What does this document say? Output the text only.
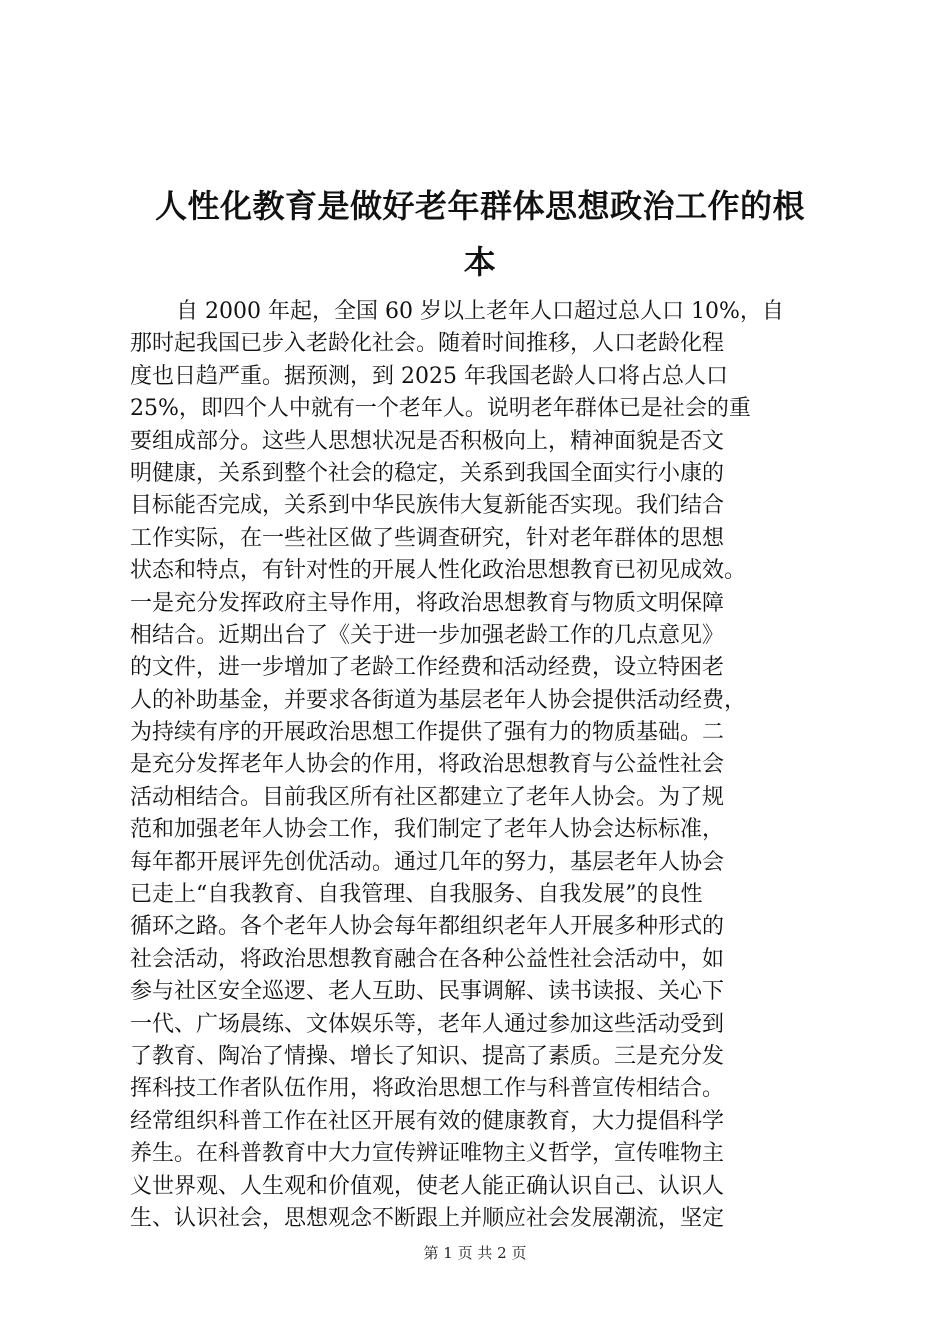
人性化教育是做好老年群体思想政治工作的根
本
自 2000 年起，全国 60 岁以上老年人口超过总人口 10%，自
那时起我国已步入老龄化社会。随着时间推移，人口老龄化程
度也日趋严重。据预测，到 2025 年我国老龄人口将占总人口
25%，即四个人中就有一个老年人。说明老年群体已是社会的重
要组成部分。这些人思想状况是否积极向上，精神面貌是否文
明健康，关系到整个社会的稳定，关系到我国全面实行小康的
目标能否完成，关系到中华民族伟大复新能否实现。我们结合
工作实际，在一些社区做了些调查研究，针对老年群体的思想
状态和特点，有针对性的开展人性化政治思想教育已初见成效。
一是充分发挥政府主导作用，将政治思想教育与物质文明保障
相结合。近期出台了《关于进一步加强老龄工作的几点意见》
的文件，进一步增加了老龄工作经费和活动经费，设立特困老
人的补助基金，并要求各街道为基层老年人协会提供活动经费，
为持续有序的开展政治思想工作提供了强有力的物质基础。二
是充分发挥老年人协会的作用，将政治思想教育与公益性社会
活动相结合。目前我区所有社区都建立了老年人协会。为了规
范和加强老年人协会工作，我们制定了老年人协会达标标准，
每年都开展评先创优活动。通过几年的努力，基层老年人协会
已走上“自我教育、自我管理、自我服务、自我发展”的良性
循环之路。各个老年人协会每年都组织老年人开展多种形式的
社会活动，将政治思想教育融合在各种公益性社会活动中，如
参与社区安全巡逻、老人互助、民事调解、读书读报、关心下
一代、广场晨练、文体娱乐等，老年人通过参加这些活动受到
了教育、陶冶了情操、增长了知识、提高了素质。三是充分发
挥科技工作者队伍作用，将政治思想工作与科普宣传相结合。
经常组织科普工作在社区开展有效的健康教育，大力提倡科学
养生。在科普教育中大力宣传辨证唯物主义哲学，宣传唯物主
义世界观、人生观和价值观，使老人能正确认识自己、认识人
生、认识社会，思想观念不断跟上并顺应社会发展潮流，坚定
第 1 页 共 2 页
